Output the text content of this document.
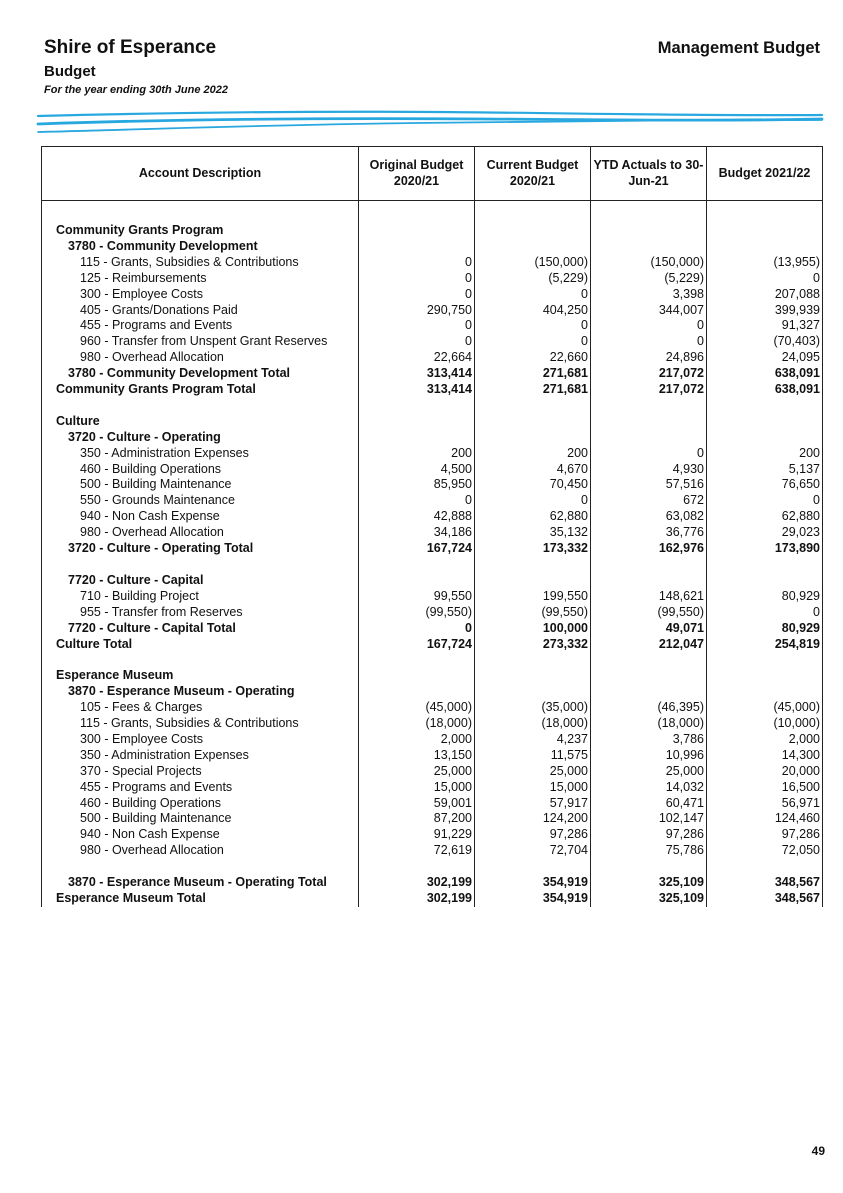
Shire of Esperance
Budget
For the year ending 30th June 2022
Management Budget
Account Description	Original Budget 2020/21	Current Budget 2020/21	YTD Actuals to 30-Jun-21	Budget 2021/22

Community Grants Program				
3780 - Community Development				
115 - Grants, Subsidies & Contributions	0	(150,000)	(150,000)	(13,955)
125 - Reimbursements	0	(5,229)	(5,229)	0
300 - Employee Costs	0	0	3,398	207,088
405 - Grants/Donations Paid	290,750	404,250	344,007	399,939
455 - Programs and Events	0	0	0	91,327
960 - Transfer from Unspent Grant Reserves	0	0	0	(70,403)
980 - Overhead Allocation	22,664	22,660	24,896	24,095
3780 - Community Development Total	313,414	271,681	217,072	638,091
Community Grants Program Total	313,414	271,681	217,072	638,091

Culture				
3720 - Culture - Operating				
350 - Administration Expenses	200	200	0	200
460 - Building Operations	4,500	4,670	4,930	5,137
500 - Building Maintenance	85,950	70,450	57,516	76,650
550 - Grounds Maintenance	0	0	672	0
940 - Non Cash Expense	42,888	62,880	63,082	62,880
980 - Overhead Allocation	34,186	35,132	36,776	29,023
3720 - Culture - Operating Total	167,724	173,332	162,976	173,890

7720 - Culture - Capital				
710 - Building Project	99,550	199,550	148,621	80,929
955 - Transfer from Reserves	(99,550)	(99,550)	(99,550)	0
7720 - Culture - Capital Total	0	100,000	49,071	80,929
Culture Total	167,724	273,332	212,047	254,819

Esperance Museum				
3870 - Esperance Museum - Operating				
105 - Fees & Charges	(45,000)	(35,000)	(46,395)	(45,000)
115 - Grants, Subsidies & Contributions	(18,000)	(18,000)	(18,000)	(10,000)
300 - Employee Costs	2,000	4,237	3,786	2,000
350 - Administration Expenses	13,150	11,575	10,996	14,300
370 - Special Projects	25,000	25,000	25,000	20,000
455 - Programs and Events	15,000	15,000	14,032	16,500
460 - Building Operations	59,001	57,917	60,471	56,971
500 - Building Maintenance	87,200	124,200	102,147	124,460
940 - Non Cash Expense	91,229	97,286	97,286	97,286
980 - Overhead Allocation	72,619	72,704	75,786	72,050

3870 - Esperance Museum - Operating Total	302,199	354,919	325,109	348,567
Esperance Museum Total	302,199	354,919	325,109	348,567
49
